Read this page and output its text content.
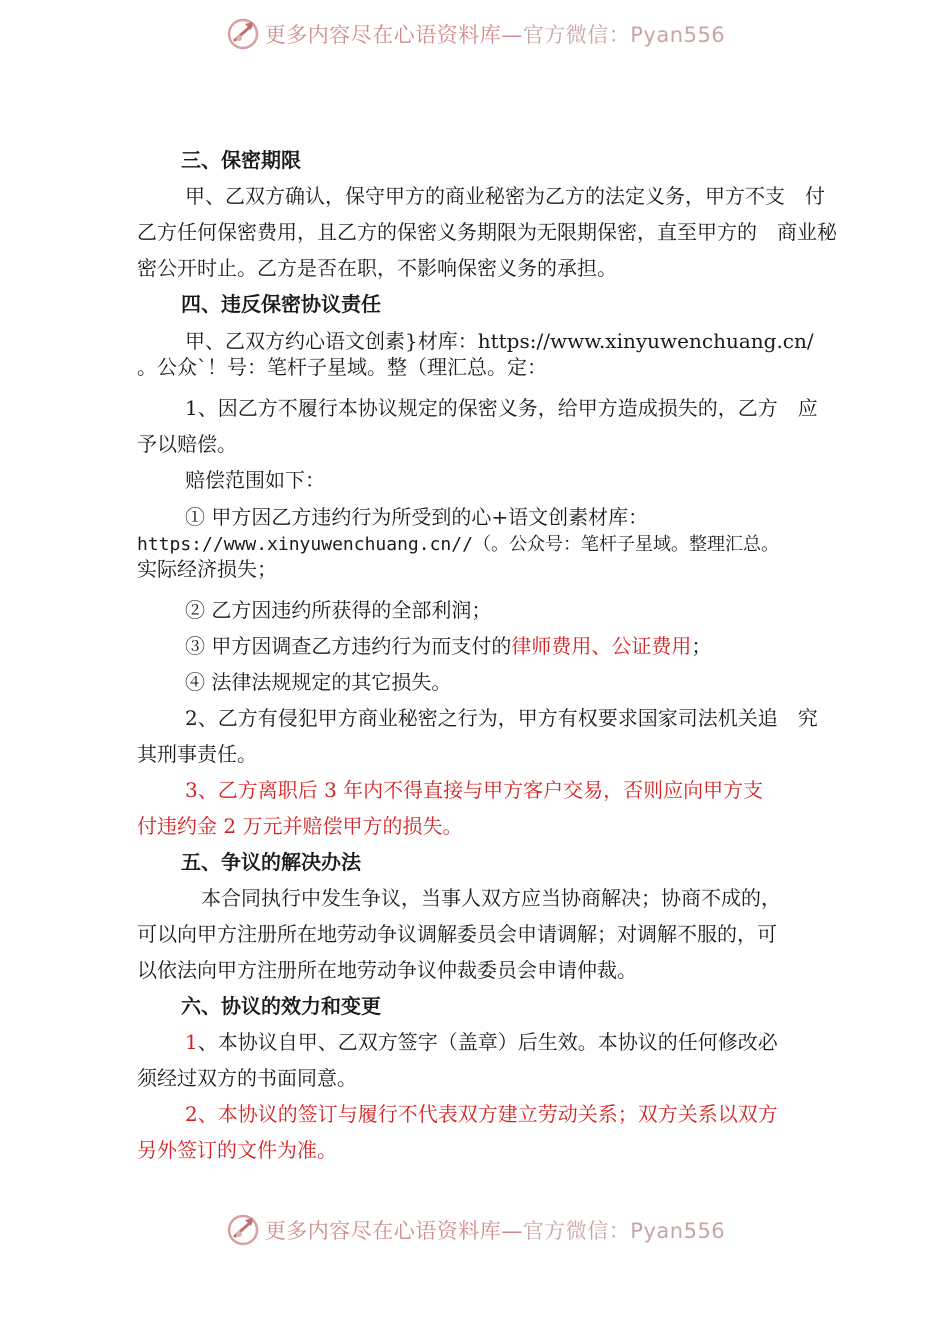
更多内容尽在心语资料库—官方微信：Pyan556
三、保密期限
甲、乙双方确认，保守甲方的商业秘密为乙方的法定义务，甲方不支　付
乙方任何保密费用，且乙方的保密义务期限为无限期保密，直至甲方的　商业秘
密公开时止。乙方是否在职，不影响保密义务的承担。
四、违反保密协议责任
甲、乙双方约心语文创素}材库：https://www.xinyuwenchuang.cn/
。公众`！号：笔杆子星域。整（理汇总。定：
1、因乙方不履行本协议规定的保密义务，给甲方造成损失的，乙方　应
予以赔偿。
赔偿范围如下：
① 甲方因乙方违约行为所受到的心+语文创素材库：
https://www.xinyuwenchuang.cn//（。公众号：笔杆子星域。整理汇总。
实际经济损失；
② 乙方因违约所获得的全部利润；
③ 甲方因调查乙方违约行为而支付的律师费用、公证费用；
④ 法律法规规定的其它损失。
2、乙方有侵犯甲方商业秘密之行为，甲方有权要求国家司法机关追　究
其刑事责任。
3、乙方离职后 3 年内不得直接与甲方客户交易，否则应向甲方支
付违约金 2 万元并赔偿甲方的损失。
五、争议的解决办法
本合同执行中发生争议，当事人双方应当协商解决；协商不成的，
可以向甲方注册所在地劳动争议调解委员会申请调解；对调解不服的，可
以依法向甲方注册所在地劳动争议仲裁委员会申请仲裁。
六、协议的效力和变更
1、本协议自甲、乙双方签字（盖章）后生效。本协议的任何修改必
须经过双方的书面同意。
2、本协议的签订与履行不代表双方建立劳动关系；双方关系以双方
另外签订的文件为准。
更多内容尽在心语资料库—官方微信：Pyan556
